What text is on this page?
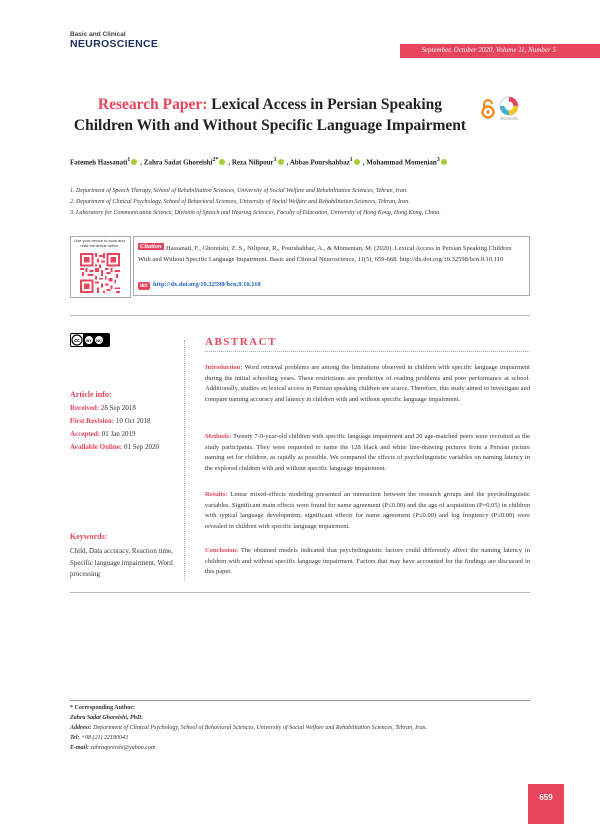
Basic and Clinical
NEUROSCIENCE	September, October 2020, Volume 11, Number 5
Research Paper: Lexical Access in Persian Speaking Children With and Without Specific Language Impairment
Fatemeh Hassanati$^1$ , Zahra Sadat Ghoreishi$^{2*}$ , Reza Nilipour$^1$ , Abbas Pourshahbaz$^1$ , Mohammad Momenian$^3$
1. Department of Speech Therapy, School of Rehabilitation Sciences, University of Social Welfare and Rehabilitation Sciences, Tehran, Iran.
2. Department of Clinical Psychology, School of Behavioral Sciences, University of Social Welfare and Rehabilitation Sciences, Tehran, Iran.
3. Laboratory for Communication Science, Division of Speech and Hearing Sciences, Faculty of Education, University of Hong Kong, Hong Kong, China.
Use your device to scan and read the article online	Hassanati, F., Ghoreishi, Z. S., Nilipour, R., Pourshahbaz, A., & Momenian, M. (2020). Lexical Access in Persian Speaking Children With and Without Specific Language Impairment. Basic and Clinical Neuroscience, 11(5), 659-668. http://dx.doi.org/10.32598/bcn.9.10.110
Citation
doi http://dx.doi.org/10.32598/bcn.9.10.110
cc BY NC
Article info:
Received: 28 Sep 2018
First Revision: 10 Oct 2018
Accepted: 01 Jan 2019
Available Online: 01 Sep 2020
Keywords:
Child, Data accuracy, Reaction time, Specific language impairment, Word processing
ABSTRACT
Introduction: Word retrieval problems are among the limitations observed in children with specific language impairment during the initial schooling years. These restrictions are predictive of reading problems and poor performance at school. Additionally, studies on lexical access in Persian speaking children are scarce. Therefore, this study aimed to investigate and compare naming accuracy and latency in children with and without specific language impairment.
Methods: Twenty 7-9-year-old children with specific language impairment and 20 age-matched peers were recruited as the study participants. They were requested to name the 128 black and white line-drawing pictures from a Persian picture naming set for children, as rapidly as possible. We compared the effects of psycholinguistic variables on naming latency in the explored children with and without specific language impairment.
Results: Linear mixed-effects modeling presented an interaction between the research groups and the psycholinguistic variables. Significant main effects were found for name agreement (P≤0.00) and the age of acquisition (P=0.05) in children with typical language development; significant effects for name agreement (P≤0.00) and log frequency (P≤0.00) were revealed in children with specific language impairment.
Conclusion: The obtained models indicated that psycholinguistic factors could differently affect the naming latency in children with and without specific language impairment. Factors that may have accounted for the findings are discussed in this paper.
* Corresponding Author:
Zahra Sadat Ghoreishi, PhD.
Address: Department of Clinical Psychology, School of Behavioral Sciences, University of Social Welfare and Rehabilitation Sciences, Tehran, Iran.
Tel: +98 (21) 22180043
E-mail: zahraqoreishi@yahoo.com
659
